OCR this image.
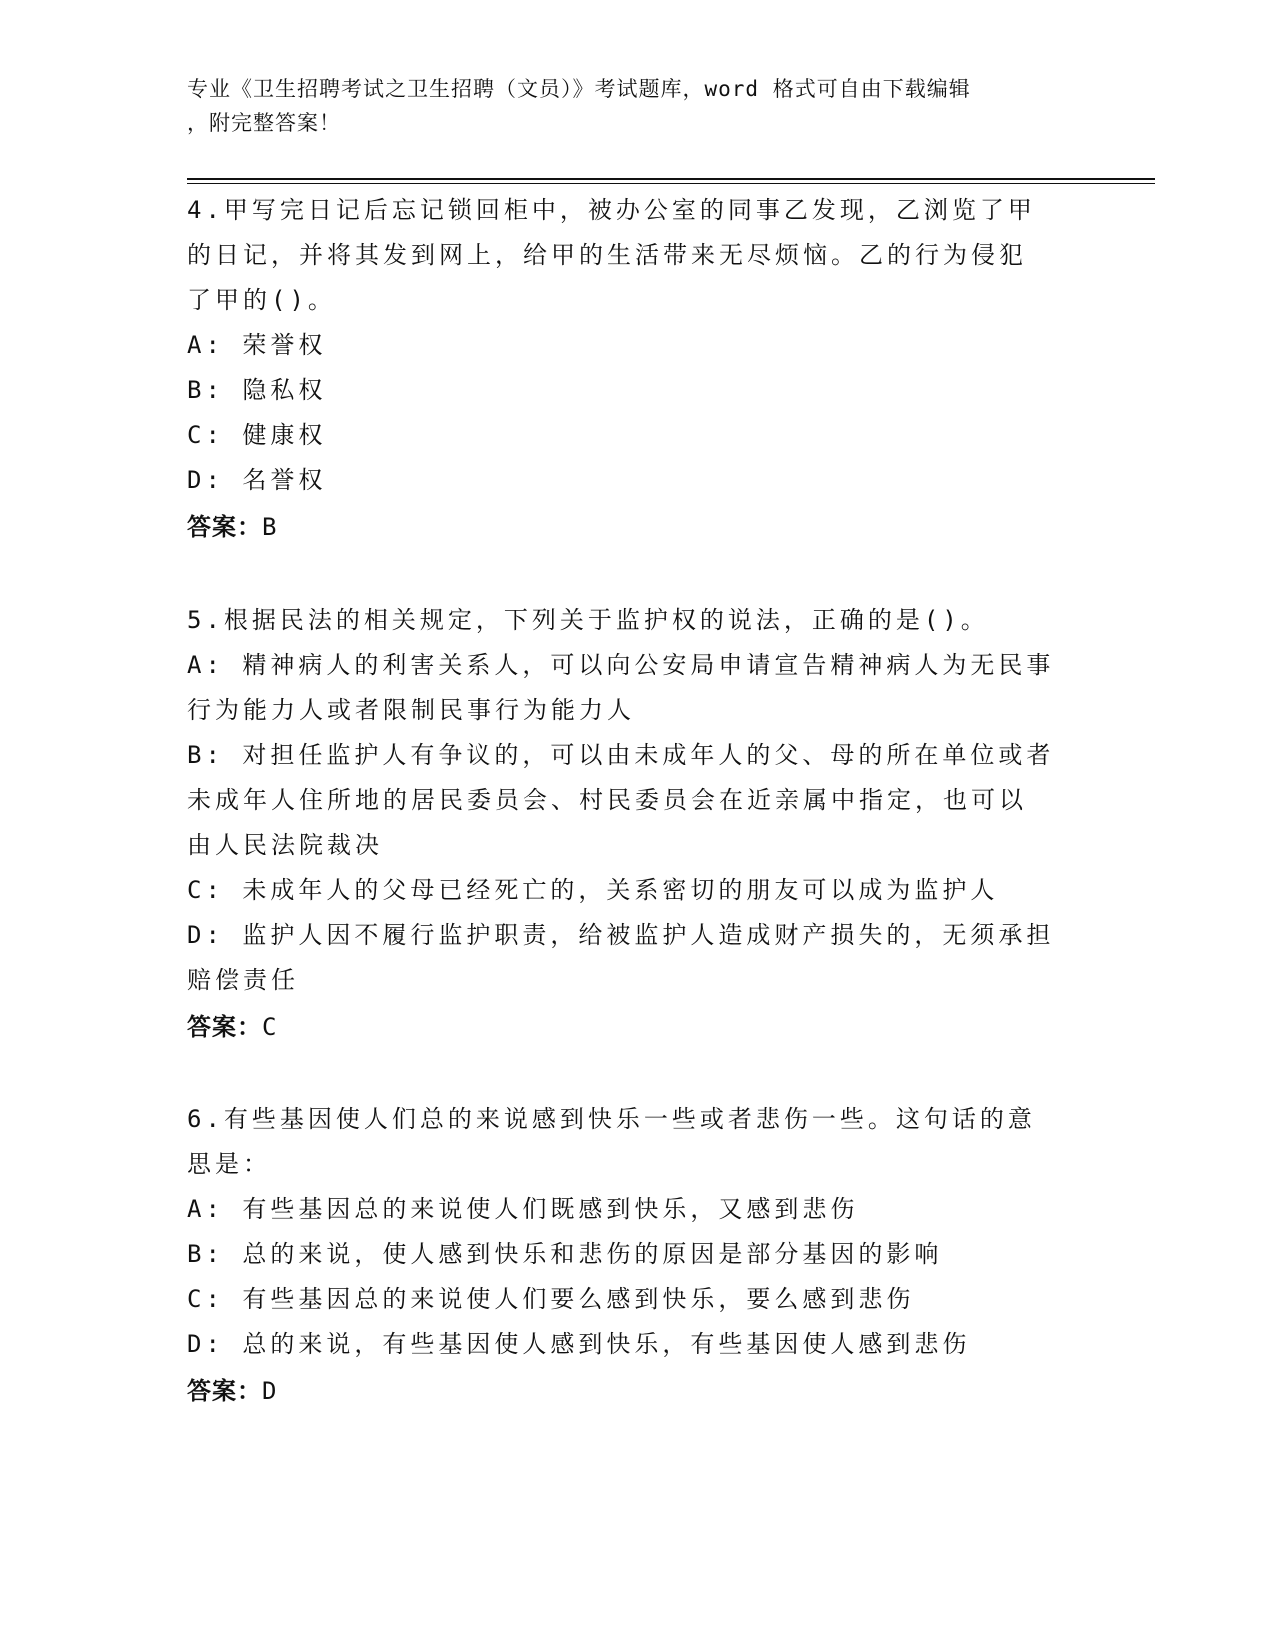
专业《卫生招聘考试之卫生招聘（文员）》考试题库，word 格式可自由下载编辑
，附完整答案！

4.甲写完日记后忘记锁回柜中，被办公室的同事乙发现，乙浏览了甲

的日记，并将其发到网上，给甲的生活带来无尽烦恼。乙的行为侵犯

了甲的()。

A: 荣誉权

B: 隐私权

C: 健康权

D: 名誉权

答案：B

5.根据民法的相关规定，下列关于监护权的说法，正确的是()。

A: 精神病人的利害关系人，可以向公安局申请宣告精神病人为无民事

行为能力人或者限制民事行为能力人

B: 对担任监护人有争议的，可以由未成年人的父、母的所在单位或者

未成年人住所地的居民委员会、村民委员会在近亲属中指定，也可以

由人民法院裁决

C: 未成年人的父母已经死亡的，关系密切的朋友可以成为监护人

D: 监护人因不履行监护职责，给被监护人造成财产损失的，无须承担

赔偿责任

答案：C

6.有些基因使人们总的来说感到快乐一些或者悲伤一些。这句话的意

思是：

A: 有些基因总的来说使人们既感到快乐，又感到悲伤

B: 总的来说，使人感到快乐和悲伤的原因是部分基因的影响

C: 有些基因总的来说使人们要么感到快乐，要么感到悲伤

D: 总的来说，有些基因使人感到快乐，有些基因使人感到悲伤

答案：D
